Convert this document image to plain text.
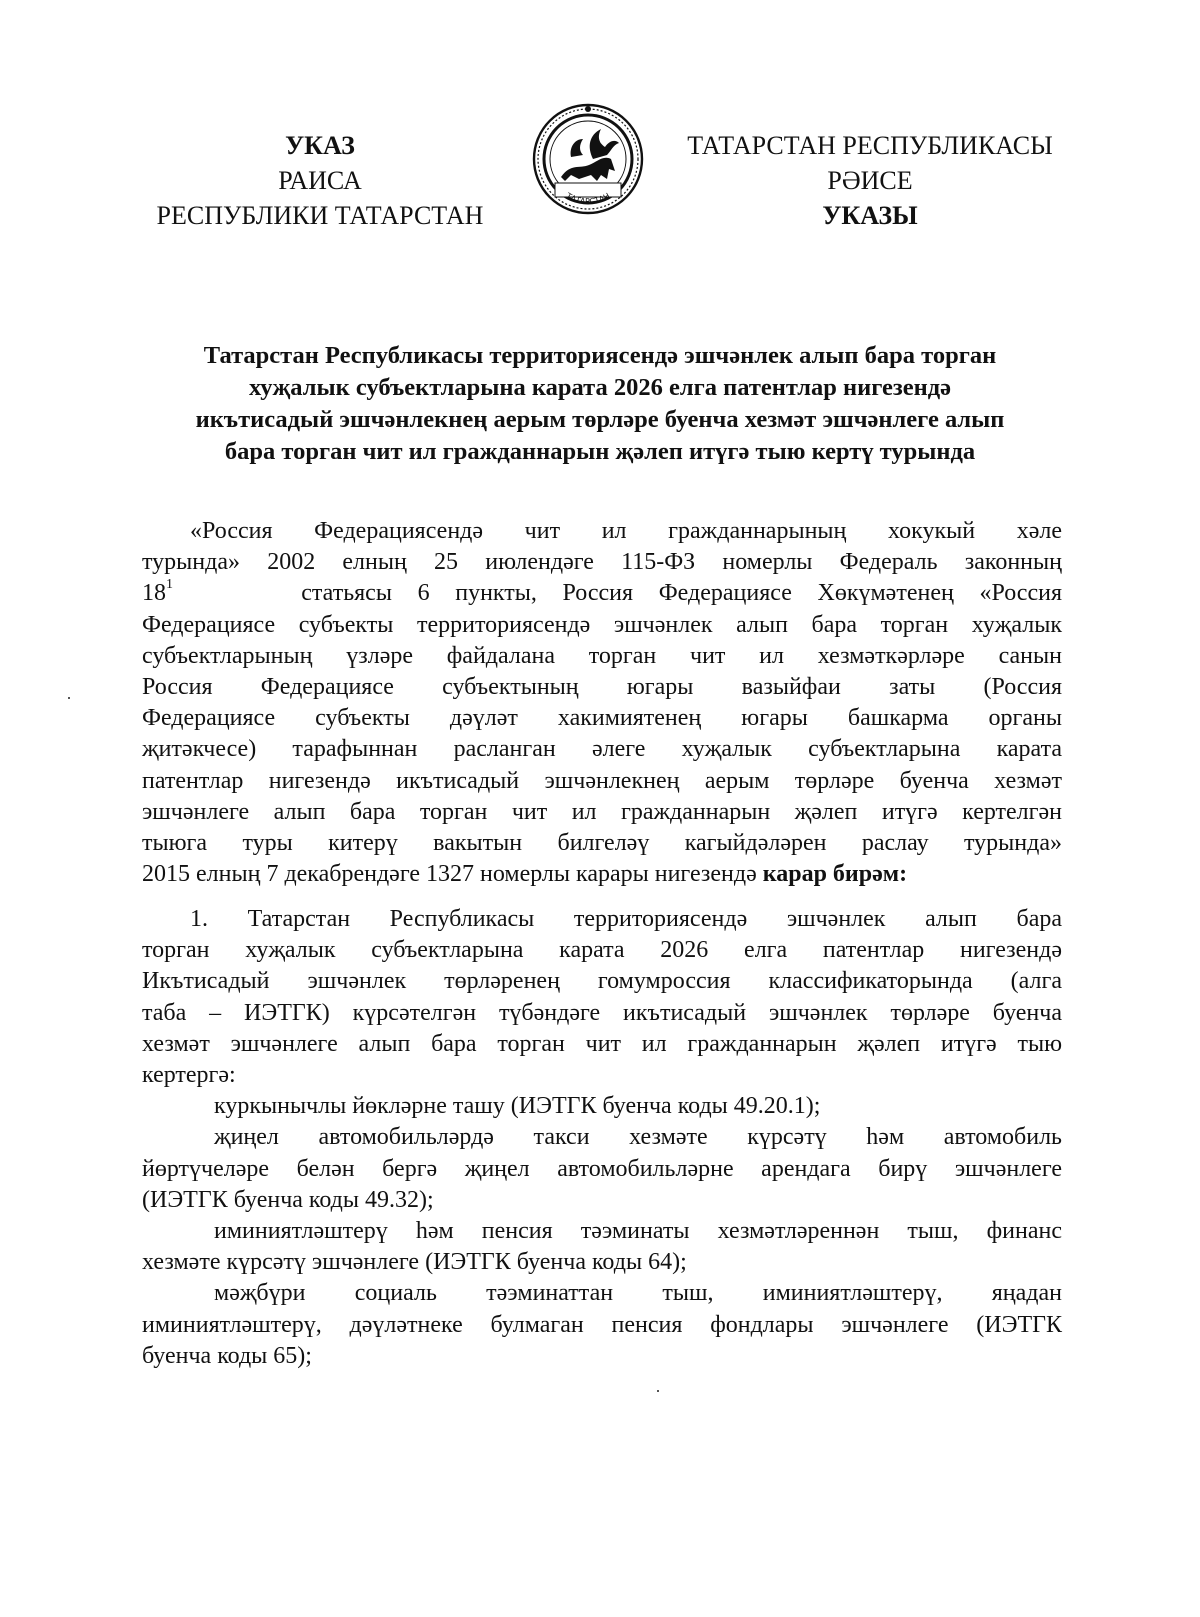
УКАЗ
РАИСА
РЕСПУБЛИКИ ТАТАРСТАН
ТАТАРСТАН
ТАТАРСТАН РЕСПУБЛИКАСЫ
РӘИСЕ
УКАЗЫ
Татарстан Республикасы территориясендә эшчәнлек алып бара торган
хуҗалык субъектларына карата 2026 елга патентлар нигезендә
икътисадый эшчәнлекнең аерым төрләре буенча хезмәт эшчәнлеге алып
бара торган чит ил гражданнарын җәлеп итүгә тыю кертү турында
«Россия Федерациясендә чит ил гражданнарының хокукый хәле
турында» 2002 елның 25 июлендәге 115-ФЗ номерлы Федераль законның
$18^1$	статьясы 6 пункты, Россия Федерациясе Хөкүмәтенең «Россия
Федерациясе субъекты территориясендә эшчәнлек алып бара торган хуҗалык
субъектларының үзләре файдалана торган чит ил хезмәткәрләре санын
Россия Федерациясе субъектының югары вазыйфаи заты (Россия
Федерациясе субъекты дәүләт хакимиятенең югары башкарма органы
җитәкчесе) тарафыннан расланган әлеге хуҗалык субъектларына карата
патентлар нигезендә икътисадый эшчәнлекнең аерым төрләре буенча хезмәт
эшчәнлеге алып бара торган чит ил гражданнарын җәлеп итүгә кертелгән
тыюга туры китерү вакытын билгеләү кагыйдәләрен раслау турында»
2015 елның 7 декабрендәге 1327 номерлы карары нигезендә карар бирәм:
1. Татарстан Республикасы территориясендә эшчәнлек алып бара
торган хуҗалык субъектларына карата 2026 елга патентлар нигезендә
Икътисадый эшчәнлек төрләренең гомумроссия классификаторында (алга
таба – ИЭТГК) күрсәтелгән түбәндәге икътисадый эшчәнлек төрләре буенча
хезмәт эшчәнлеге алып бара торган чит ил гражданнарын җәлеп итүгә тыю
кертергә:
куркынычлы йөкләрне ташу (ИЭТГК буенча коды 49.20.1);
җиңел автомобильләрдә такси хезмәте күрсәтү һәм автомобиль
йөртүчеләре белән бергә җиңел автомобильләрне арендага бирү эшчәнлеге
(ИЭТГК буенча коды 49.32);
иминиятләштерү һәм пенсия тәэминаты хезмәтләреннән тыш, финанс
хезмәте күрсәтү эшчәнлеге (ИЭТГК буенча коды 64);
мәҗбүри социаль тәэминаттан тыш, иминиятләштерү, яңадан
иминиятләштерү, дәүләтнеке булмаган пенсия фондлары эшчәнлеге (ИЭТГК
буенча коды 65);
